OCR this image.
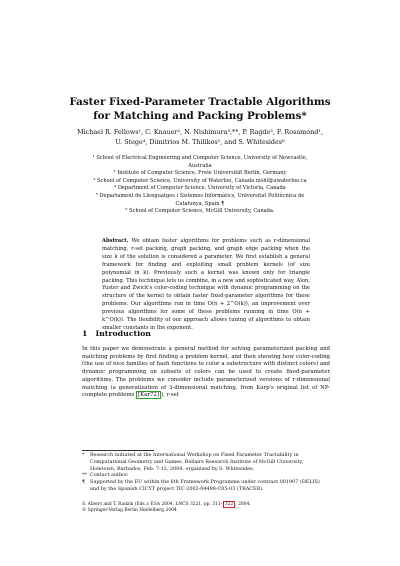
Faster Fixed-Parameter Tractable Algorithms
for Matching and Packing Problems*
Michael R. Fellows¹, C. Knauer², N. Nishimura³,**, P. Ragde³, F. Rosamond¹,
U. Stege⁴, Dimitrios M. Thilikos⁵, and S. Whitesides⁶
¹ School of Electrical Engineering and Computer Science, University of Newcastle,
Australia
² Institute of Computer Science, Freie Universität Berlin, Germany
³ School of Computer Science, University of Waterloo, Canada nishi@uwaterloo.ca
⁴ Department of Computer Science, University of Victoria, Canada
⁵ Departament de Llenguatges i Sistemes Informàtics, Universitat Politècnica de
Catalunya, Spain ¶
⁶ School of Computer Science, McGill University, Canada.
Abstract. We obtain faster algorithms for problems such as r-dimensional matching, r-set packing, graph packing, and graph edge packing when the size k of the solution is considered a parameter. We first establish a general framework for finding and exploiting small problem kernels (of size polynomial in k). Previously such a kernel was known only for triangle packing. This technique lets us combine, in a new and sophisticated way, Alon, Yuster and Zwick's color-coding technique with dynamic programming on the structure of the kernel to obtain faster fixed-parameter algorithms for these problems. Our algorithms run in time O(n + 2^O(k)), an improvement over previous algorithms for some of these problems running in time O(n + k^O(k)). The flexibility of our approach allows tuning of algorithms to obtain smaller constants in the exponent.
1 Introduction
In this paper we demonstrate a general method for solving parameterized packing and matching problems by first finding a problem kernel, and then showing how color-coding (the use of nice families of hash functions to color a substructure with distinct colors) and dynamic programming on subsets of colors can be used to create fixed-parameter algorithms. The problems we consider include parameterized versions of r-dimensional matching (a generalization of 3-dimensional matching, from Karp's original list of NP-complete problems [Kar72] ), r-set
*	Research initiated at the International Workshop on Fixed Parameter Tractability in Computational Geometry and Games, Bellairs Research Institute of McGill University, Holetown, Barbados, Feb. 7-12, 2004, organized by S. Whitesides.
** Contact author.
¶ Supported by the EU within the 6th Framework Programme under contract 001907 (DELIS) and by the Spanish CICYT project TIC-2002-04498-C05-03 (TRACER).
S. Albers and T. Radzik (Eds.): ESA 2004, LNCS 3221, pp. 311– 322 , 2004.
© Springer-Verlag Berlin Heidelberg 2004
